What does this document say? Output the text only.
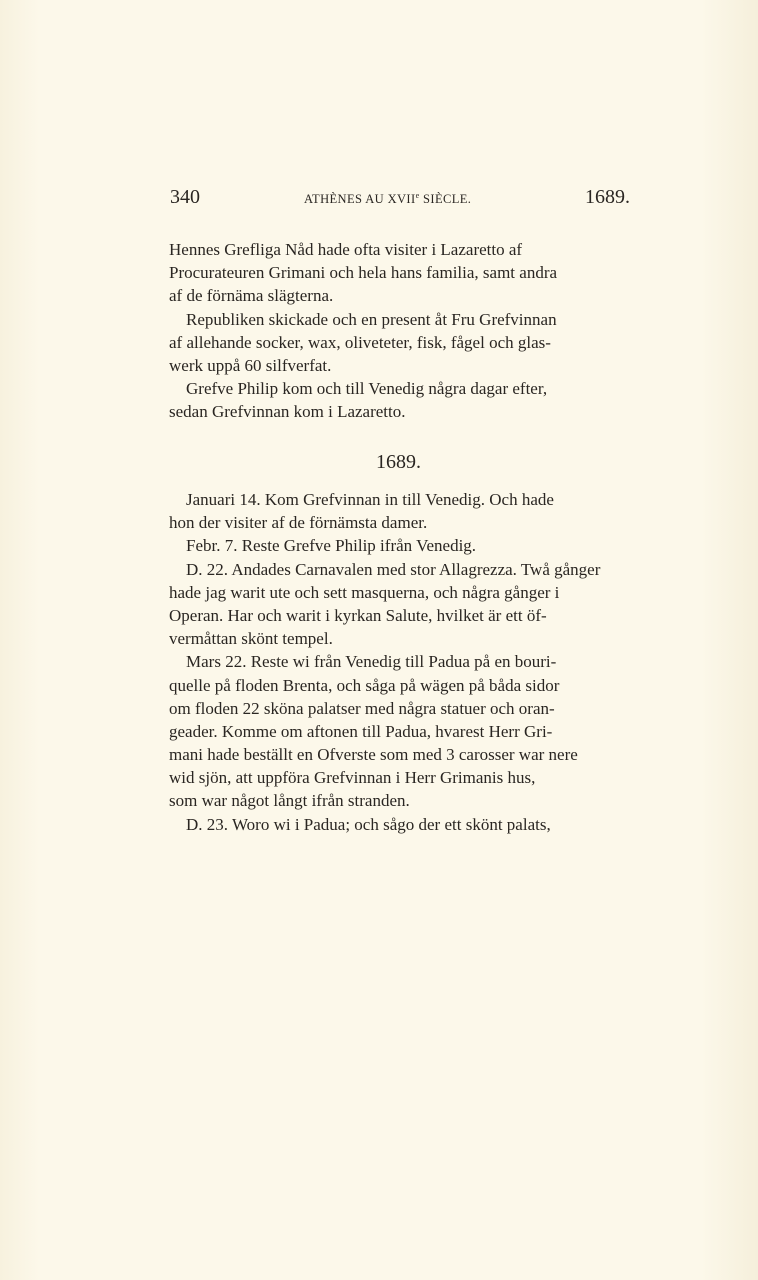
340	ATHÈNES AU XVIIe SIÈCLE.	1689.
Hennes Grefliga Nåd hade ofta visiter i Lazaretto af
Procurateuren Grimani och hela hans familia, samt andra
af de förnäma slägterna.
Republiken skickade och en present åt Fru Grefvinnan
af allehande socker, wax, oliveteter, fisk, fågel och glas-
werk uppå 60 silfverfat.
Grefve Philip kom och till Venedig några dagar efter,
sedan Grefvinnan kom i Lazaretto.
1689.
Januari 14. Kom Grefvinnan in till Venedig. Och hade
hon der visiter af de förnämsta damer.
Febr. 7. Reste Grefve Philip ifrån Venedig.
D. 22. Andades Carnavalen med stor Allagrezza. Twå gånger
hade jag warit ute och sett masquerna, och några gånger i
Operan. Har och warit i kyrkan Salute, hvilket är ett öf-
vermåttan skönt tempel.
Mars 22. Reste wi från Venedig till Padua på en bouri-
quelle på floden Brenta, och såga på wägen på båda sidor
om floden 22 sköna palatser med några statuer och oran-
geader. Komme om aftonen till Padua, hvarest Herr Gri-
mani hade beställt en Ofverste som med 3 carosser war nere
wid sjön, att uppföra Grefvinnan i Herr Grimanis hus,
som war något långt ifrån stranden.
D. 23. Woro wi i Padua; och sågo der ett skönt palats,
